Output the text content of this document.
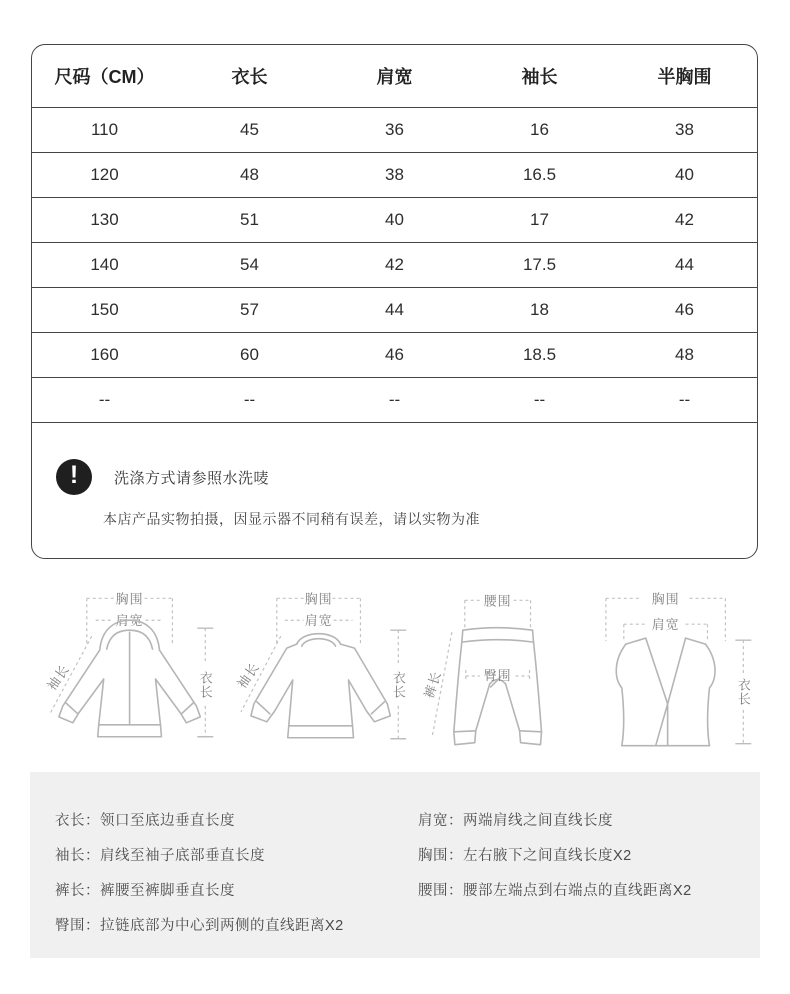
尺码（CM）	衣长	肩宽	袖长	半胸围
110	45	36	16	38
120	48	38	16.5	40
130	51	40	17	42
140	54	42	17.5	44
150	57	44	18	46
160	60	46	18.5	48
--	--	--	--	--
!	洗涤方式请参照水洗唛
本店产品实物拍摄，因显示器不同稍有误差，请以实物为准
胸围
肩宽
袖长	衣长
胸围
肩宽
袖长	衣长
腰围
臀围
裤长
胸围
肩宽
衣长
衣长：领口至底边垂直长度
袖长：肩线至袖子底部垂直长度
裤长：裤腰至裤脚垂直长度
臀围：拉链底部为中心到两侧的直线距离X2
肩宽：两端肩线之间直线长度
胸围：左右腋下之间直线长度X2
腰围：腰部左端点到右端点的直线距离X2
